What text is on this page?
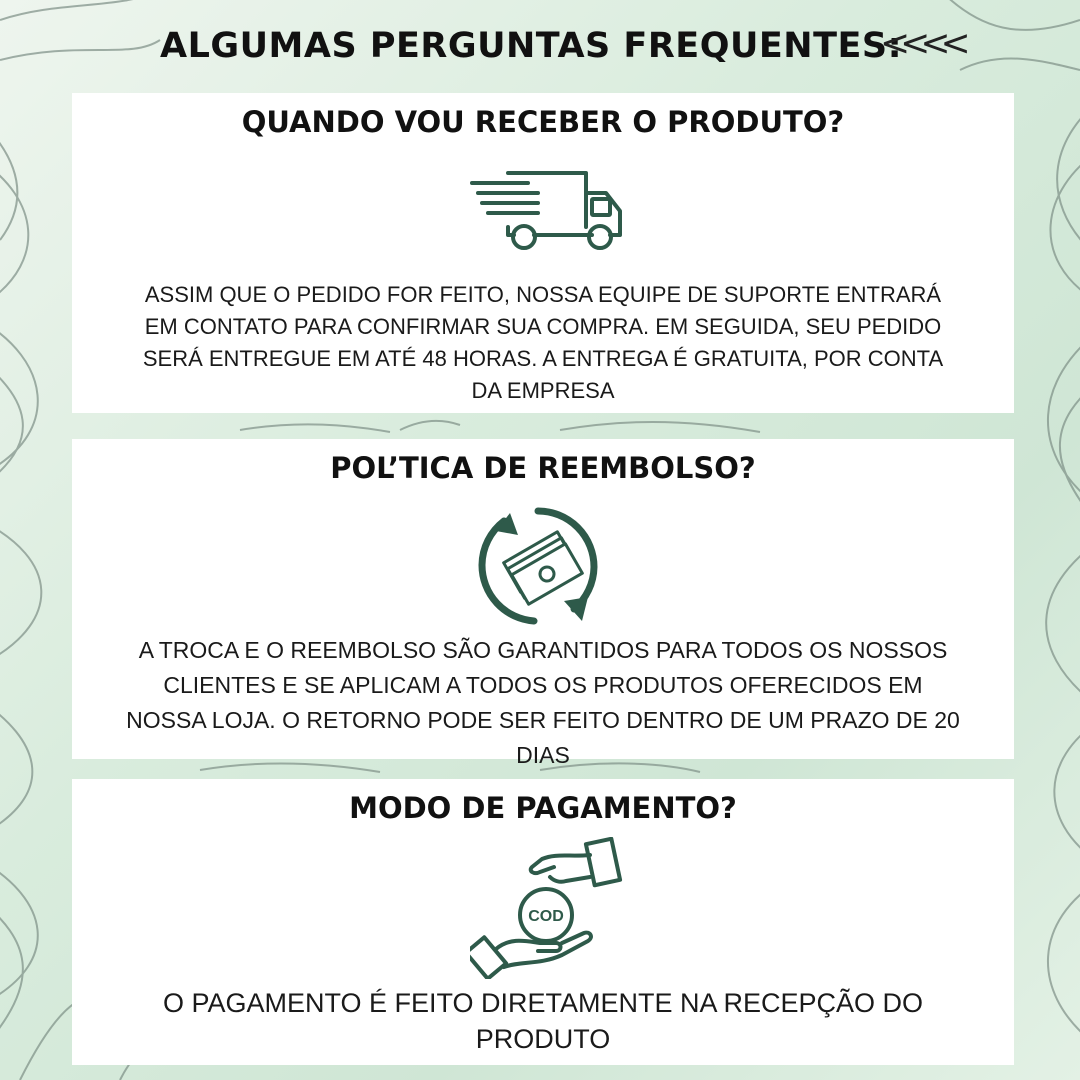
ALGUMAS PERGUNTAS FREQUENTES:
<<<<
QUANDO VOU RECEBER O PRODUTO?

ASSIM QUE O PEDIDO FOR FEITO, NOSSA EQUIPE DE SUPORTE ENTRARÁ EM CONTATO PARA CONFIRMAR SUA COMPRA. EM SEGUIDA, SEU PEDIDO SERÁ ENTREGUE EM ATÉ 48 HORAS. A ENTREGA É GRATUITA, POR CONTA DA EMPRESA

POL’TICA DE REEMBOLSO?

A TROCA E O REEMBOLSO SÃO GARANTIDOS PARA TODOS OS NOSSOS CLIENTES E SE APLICAM A TODOS OS PRODUTOS OFERECIDOS EM NOSSA LOJA. O RETORNO PODE SER FEITO DENTRO DE UM PRAZO DE 20 DIAS

MODO DE PAGAMENTO?
COD

O PAGAMENTO É FEITO DIRETAMENTE NA RECEPÇÃO DO PRODUTO
